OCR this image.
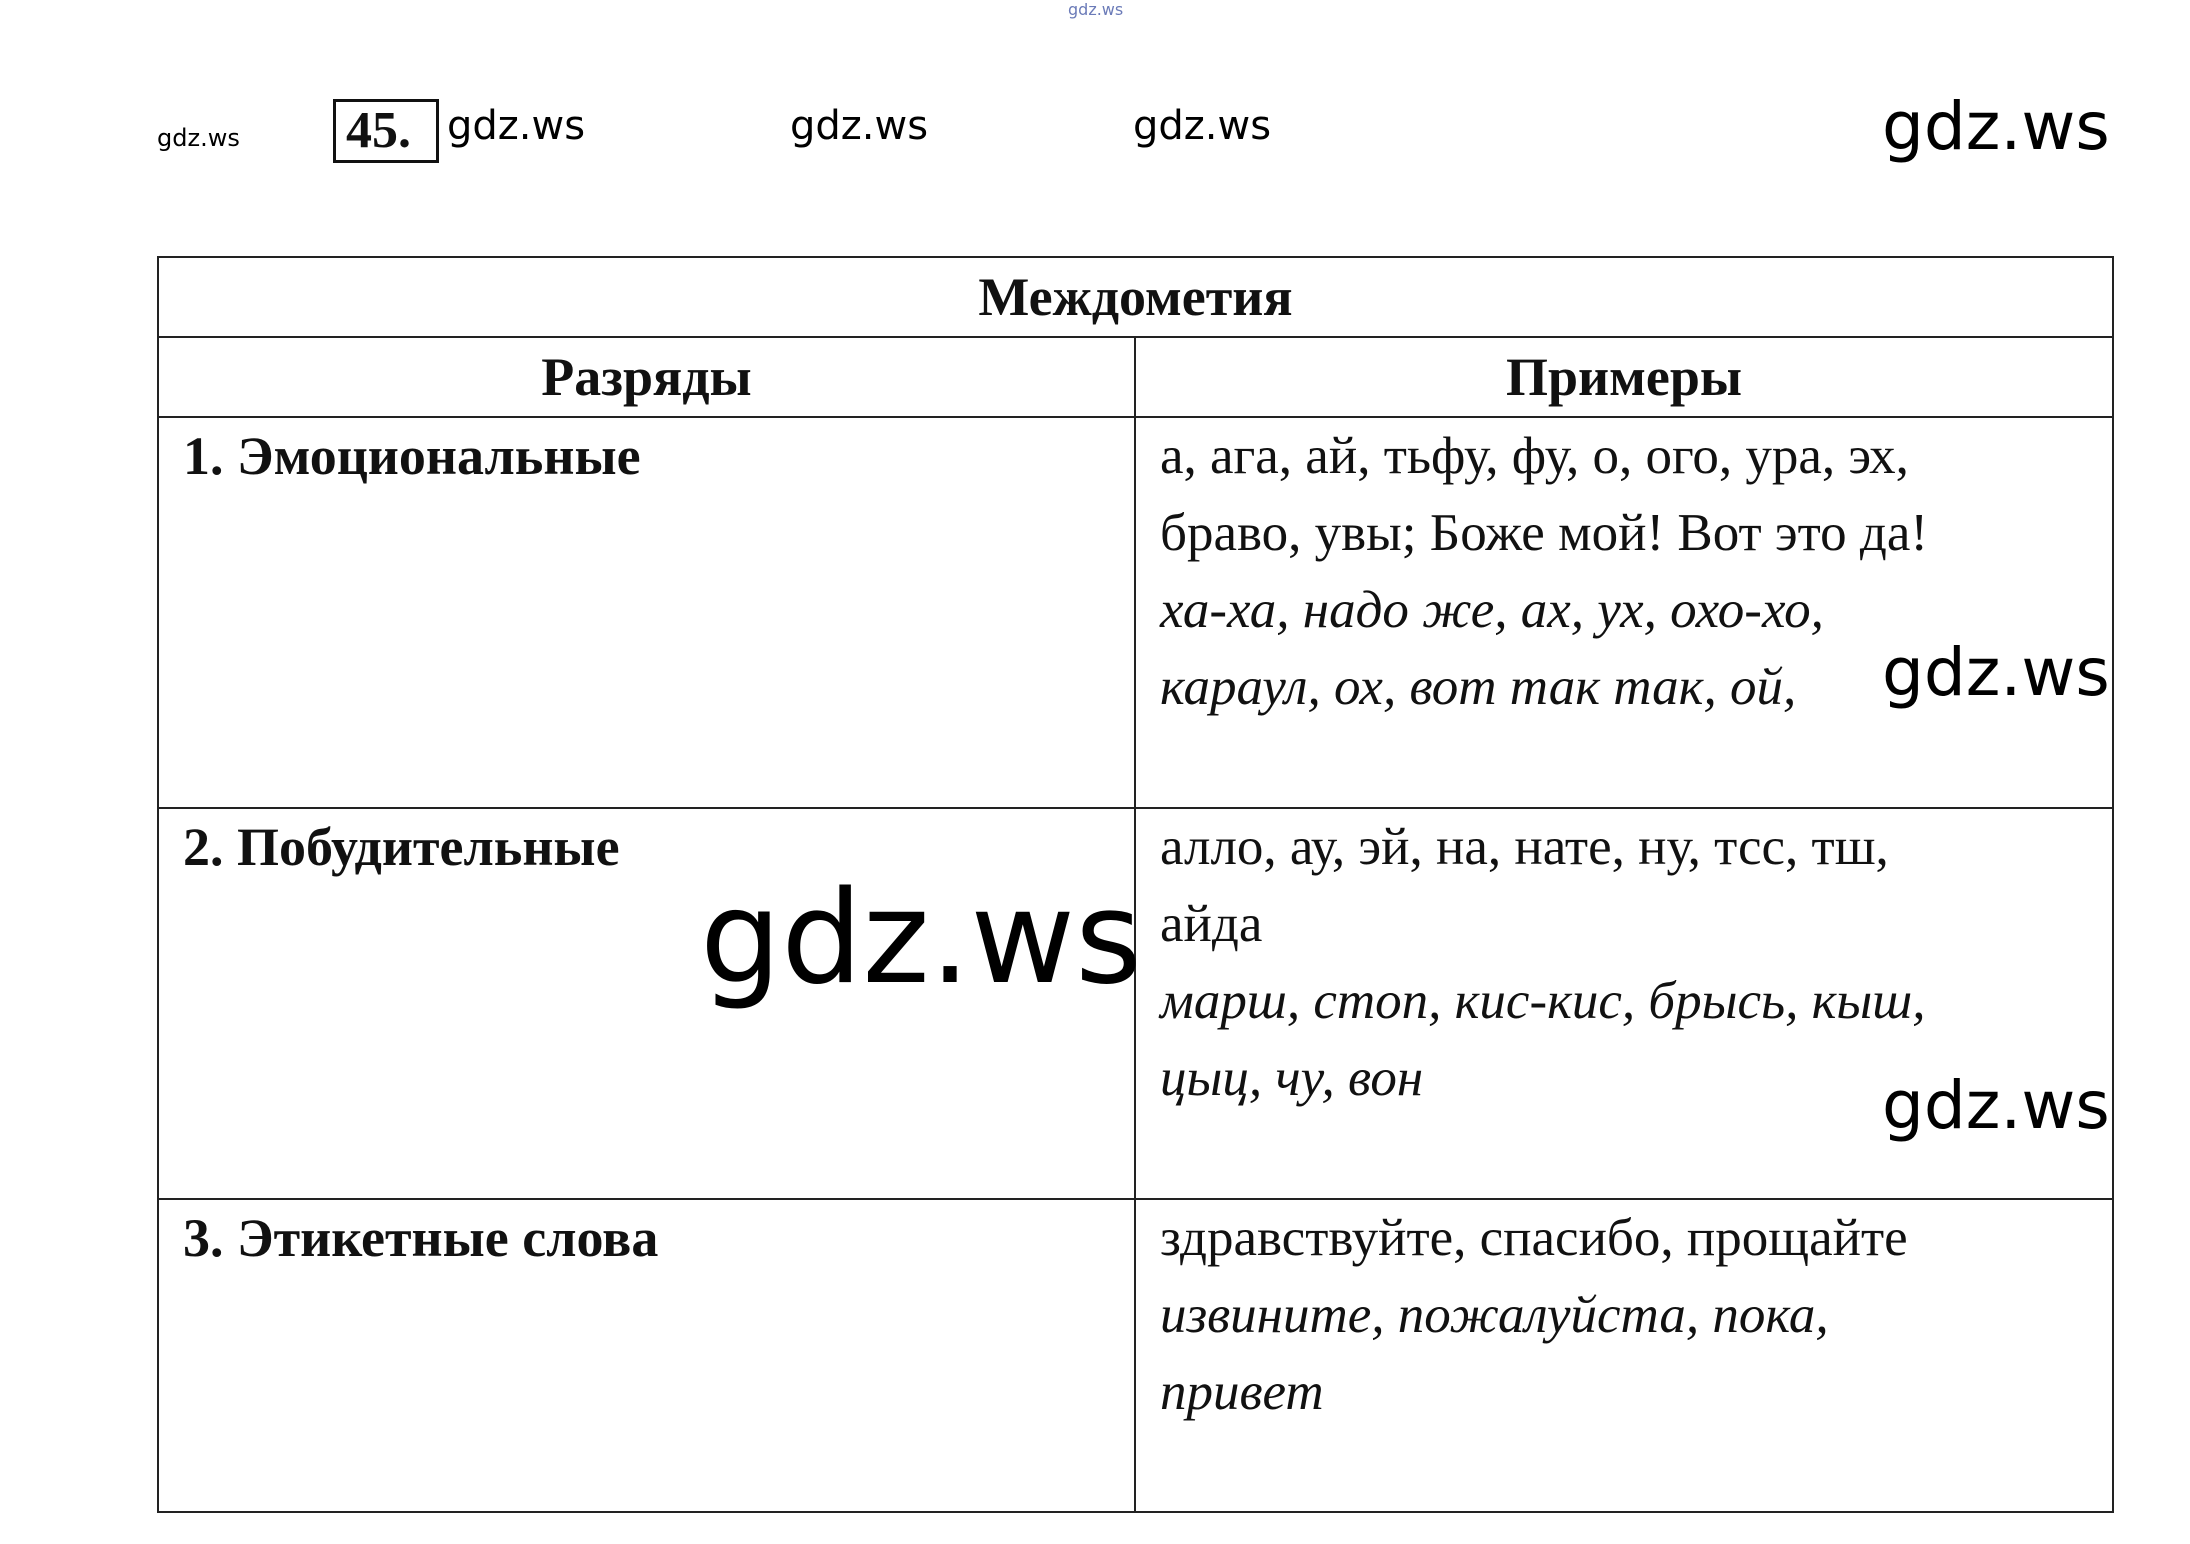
gdz.ws
gdz.ws 45. gdz.ws	gdz.ws	gdz.ws	gdz.ws
Междометия	
Разряды	Примеры
1. Эмоциональные	а, ага, ай, тьфу, фу, о, ого, ура, эх,
браво, увы; Боже мой! Вот это да!
ха-ха, надо же, ах, ух, охо-хо,
караул, ох, вот так так, ой,

2. Побудительные	алло, ау, эй, на, нате, ну, тсс, тш,
айда
марш, стоп, кис-кис, брысь, кыш,
цыц, чу, вон

3. Этикетные слова	здравствуйте, спасибо, прощайте
извините, пожалуйста, пока,
привет
gdz.ws
gdz.ws
gdz.ws
